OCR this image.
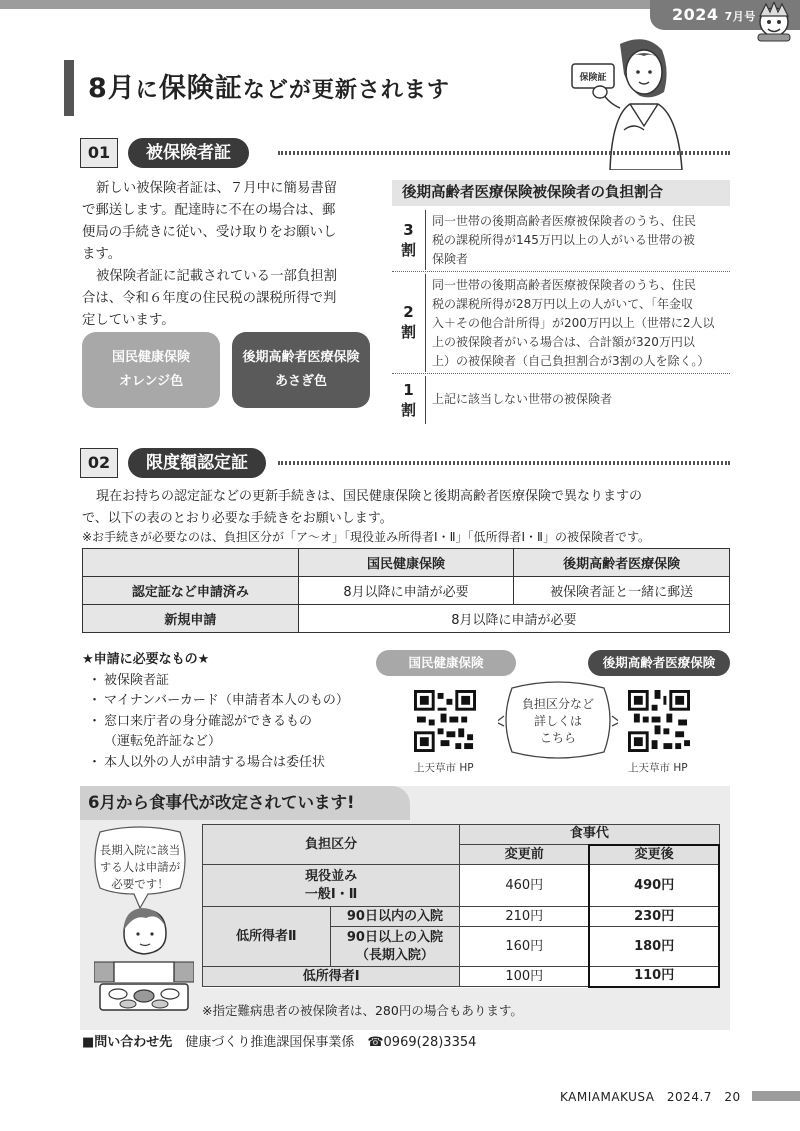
2024 7月号
8月に保険証などが更新されます	保険証
01	被保険者証
新しい被保険者証は、７月中に簡易書留
で郵送します。配達時に不在の場合は、郵
便局の手続きに従い、受け取りをお願いし
ます。
被保険者証に記載されている一部負担割
合は、令和６年度の住民税の課税所得で判
定しています。
国民健康保険
オレンジ色
後期高齢者医療保険
あさぎ色
後期高齢者医療保険被保険者の負担割合
3
割
同一世帯の後期高齢者医療被保険者のうち、住民
税の課税所得が145万円以上の人がいる世帯の被
保険者
2
割
同一世帯の後期高齢者医療被保険者のうち、住民
税の課税所得が28万円以上の人がいて、「年金収
入＋その他合計所得」が200万円以上（世帯に2人以
上の被保険者がいる場合は、合計額が320万円以
上）の被保険者（自己負担割合が3割の人を除く。）
1
割
上記に該当しない世帯の被保険者
02	限度額認定証
現在お持ちの認定証などの更新手続きは、国民健康保険と後期高齢者医療保険で異なりますの
で、以下の表のとおり必要な手続きをお願いします。
※お手続きが必要なのは、負担区分が「ア～オ」「現役並み所得者Ⅰ・Ⅱ」「低所得者Ⅰ・Ⅱ」の被保険者です。
	国民健康保険	後期高齢者医療保険
認定証など申請済み	8月以降に申請が必要	被保険者証と一緒に郵送
新規申請	8月以降に申請が必要	
★申請に必要なもの★
・ 被保険者証
・ マイナンバーカード（申請者本人のもの）
・ 窓口来庁者の身分確認ができるもの
（運転免許証など）
・ 本人以外の人が申請する場合は委任状
国民健康保険	後期高齢者医療保険
負担区分など
詳しくは
こちら
上天草市 HP	上天草市 HP
6月から食事代が改定されています!
長期入院に該当
する人は申請が
必要です！
負担区分		食事代	
		変更前	変更後

現役並み
一般Ⅰ・Ⅱ		460円	490円
低所得者Ⅱ	90日以内の入院	210円	230円

	90日以上の入院
（長期入院）	160円	180円
低所得者Ⅰ		100円	110円
※指定難病患者の被保険者は、280円の場合もあります。
■問い合わせ先　 健康づくり推進課国保事業係　 ☎0969(28)3354
KAMIAMAKUSA　2024.7　20
